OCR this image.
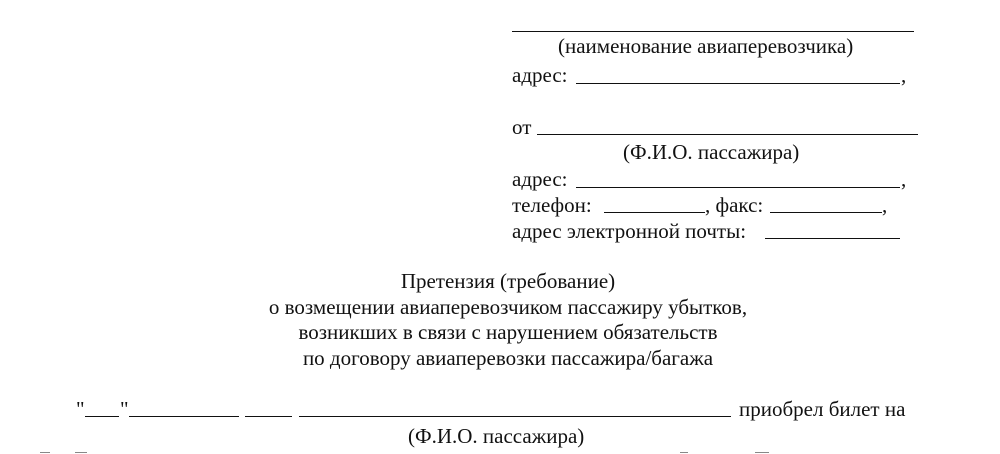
(наименование авиаперевозчика)
адрес:	,
от
(Ф.И.О. пассажира)
адрес:	,
телефон:	, факс:	,
адрес электронной почты:
Претензия (требование)
о возмещении авиаперевозчиком пассажиру убытков,
возникших в связи с нарушением обязательств
по договору авиаперевозки пассажира/багажа
" "	приобрел билет на
(Ф.И.О. пассажира)
